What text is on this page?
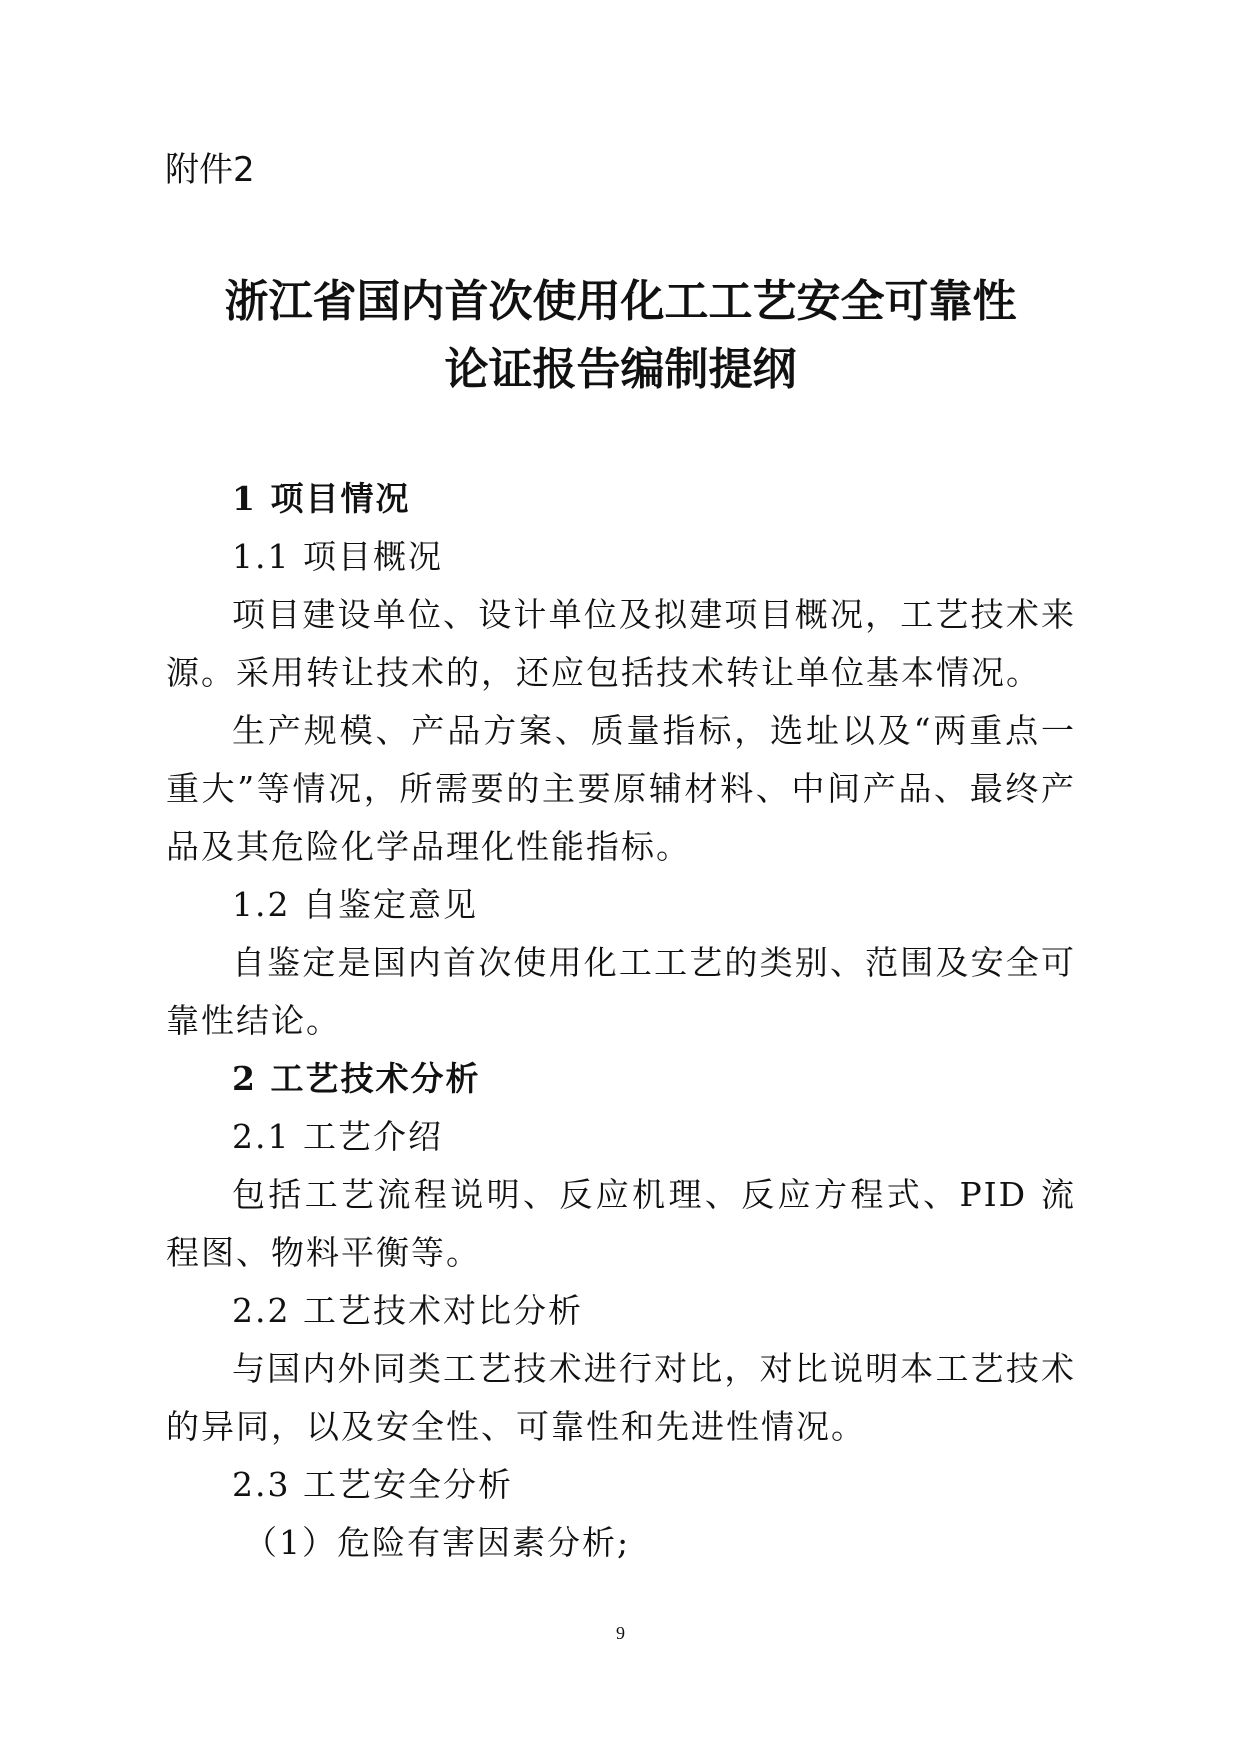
附件2
浙江省国内首次使用化工工艺安全可靠性
论证报告编制提纲

1 项目情况

1.1 项目概况

项目建设单位、设计单位及拟建项目概况，工艺技术来源。采用转让技术的，还应包括技术转让单位基本情况。

生产规模、产品方案、质量指标，选址以及“两重点一重大”等情况，所需要的主要原辅材料、中间产品、最终产品及其危险化学品理化性能指标。

1.2 自鉴定意见

自鉴定是国内首次使用化工工艺的类别、范围及安全可靠性结论。

2 工艺技术分析

2.1 工艺介绍

包括工艺流程说明、反应机理、反应方程式、PID 流程图、物料平衡等。

2.2 工艺技术对比分析

与国内外同类工艺技术进行对比，对比说明本工艺技术的异同，以及安全性、可靠性和先进性情况。

2.3 工艺安全分析

（1）危险有害因素分析;

9
